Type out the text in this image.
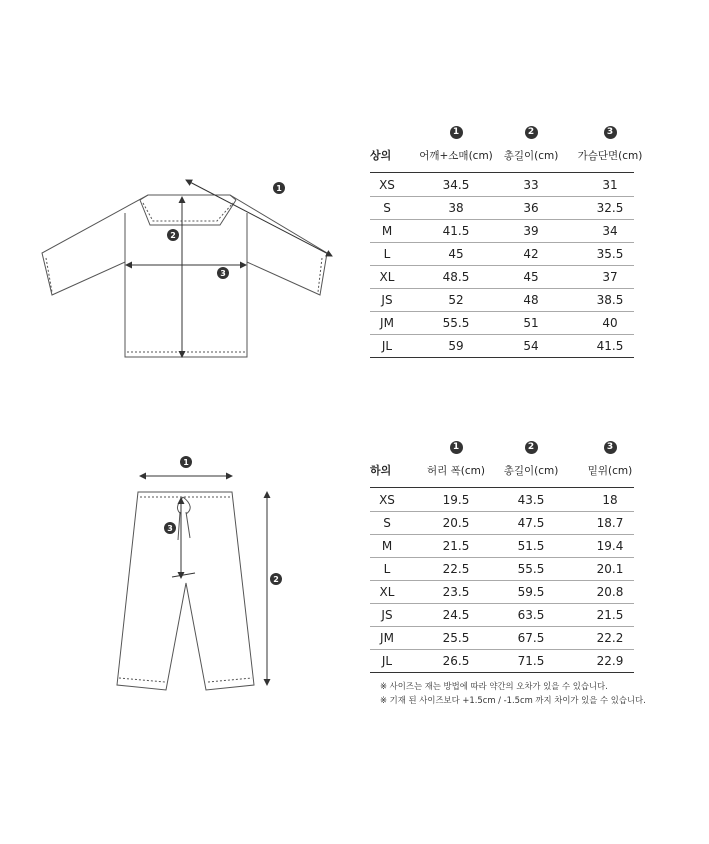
1
2
3
1
2
3
1	2	3
상의	어깨+소매(cm)	총길이(cm)	가슴단면(cm)
XS	34.5	33	31
S	38	36	32.5
M	41.5	39	34
L	45	42	35.5
XL	48.5	45	37
JS	52	48	38.5
JM	55.5	51	40
JL	59	54	41.5
1	2	3
하의	허리 폭(cm)	총길이(cm)	밑위(cm)
XS	19.5	43.5	18
S	20.5	47.5	18.7
M	21.5	51.5	19.4
L	22.5	55.5	20.1
XL	23.5	59.5	20.8
JS	24.5	63.5	21.5
JM	25.5	67.5	22.2
JL	26.5	71.5	22.9
※ 사이즈는 재는 방법에 따라 약간의 오차가 있을 수 있습니다.
※ 기재 된 사이즈보다 +1.5cm / -1.5cm 까지 차이가 있을 수 있습니다.
